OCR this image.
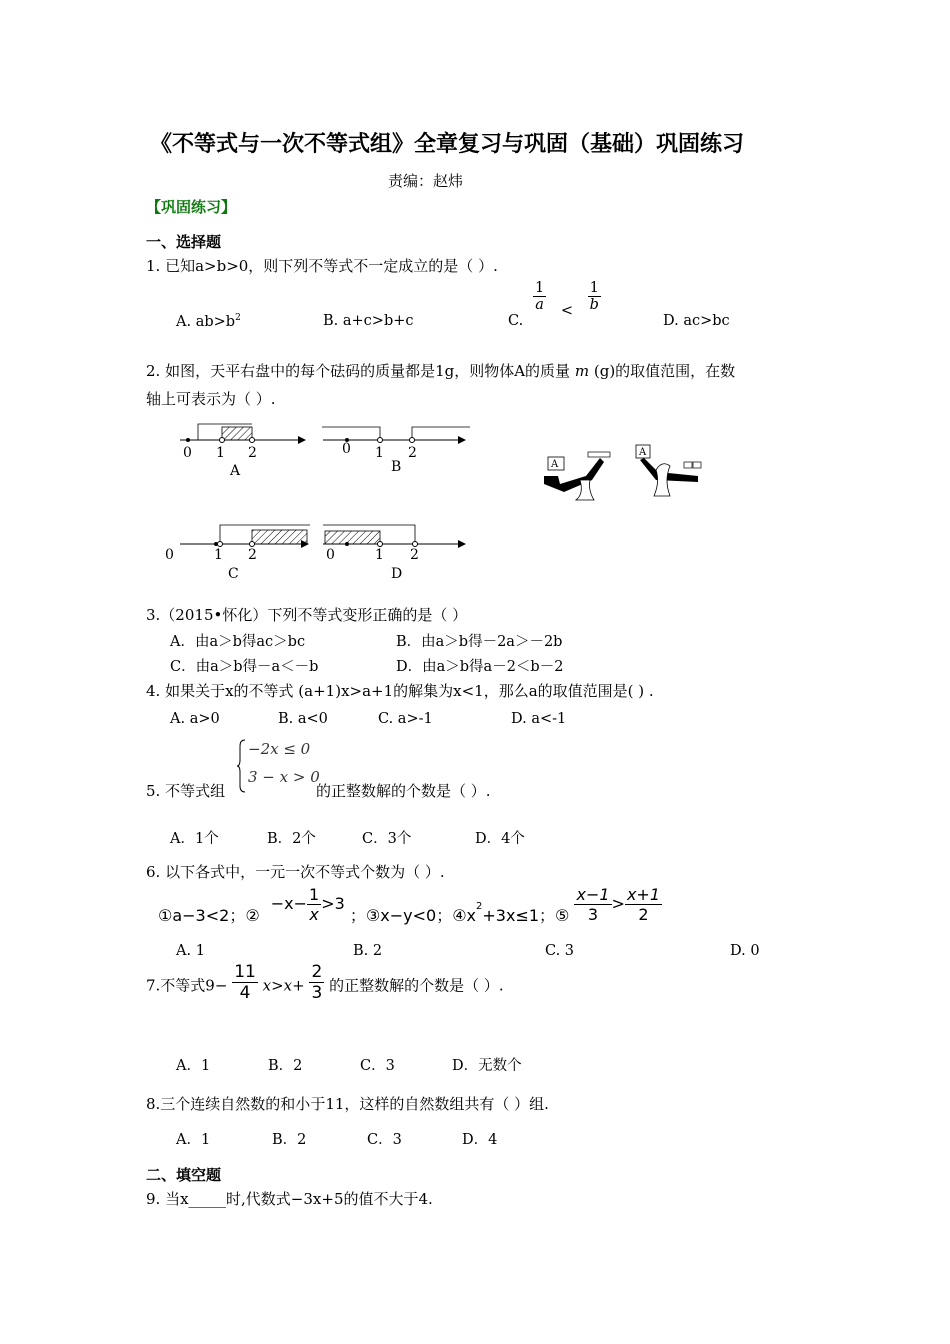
《不等式与一次不等式组》全章复习与巩固（基础）巩固练习
责编：赵炜
【巩固练习】
一、选择题
1. 已知a>b>0，则下列不等式不一定成立的是（ ）.
A. $ab>b^2$	B. a+c>b+c	C.
$\frac{1}{a} < \frac{1}{b}$
D. ac>bc
2. 如图，天平右盘中的每个砝码的质量都是1g，则物体A的质量 m (g)的取值范围，在数
轴上可表示为（ ）.
0 1 2
A
0 1 2
B
0	1 2
C
0	1 2
D
A
A
3.（2015•怀化）下列不等式变形正确的是（ ）
A．由a＞b得ac＞bc	B．由a＞b得－2a＞－2b
C．由a＞b得－a＜－b	D．由a＞b得a－2＜b－2
4. 如果关于x的不等式 (a+1)x>a+1的解集为x<1，那么a的取值范围是( ) .
A. a>0	B. a<0	C. a>-1	D. a<-1
5. 不等式组
−2x ≤ 0
3 − x > 0
的正整数解的个数是（ ）.
A．1个	B．2个	C．3个	D．4个
6. 以下各式中，一元一次不等式个数为（ ）.
①a−3<2；② $-x- \frac{1}{x} >3$ ；③x−y<0；④x2+3x≤1；⑤ $\frac{x-1}{3} > \frac{x+1}{2}$
A. 1	B. 2	C. 3	D. 0
7.不等式$9- \frac{11}{4} x>x+ \frac{2}{3}$ 的正整数解的个数是（ ）.
A．1	B．2	C．3	D．无数个
8.三个连续自然数的和小于11，这样的自然数组共有（ ）组.
A．1	B．2	C．3	D．4
二、填空题
9. 当x_____时,代数式−3x+5的值不大于4.
